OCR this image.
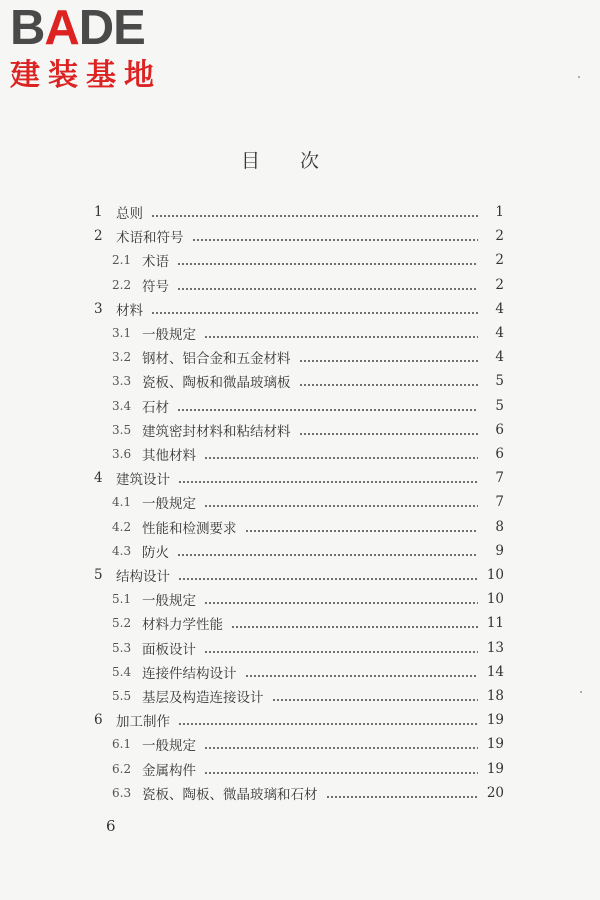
BADE
建装基地
目次
1 总则	1
2 术语和符号	2
2.1 术语	2
2.2 符号	2
3 材料	4
3.1 一般规定	4
3.2 钢材、铝合金和五金材料	4
3.3 瓷板、陶板和微晶玻璃板	5
3.4 石材	5
3.5 建筑密封材料和粘结材料	6
3.6 其他材料	6
4 建筑设计	7
4.1 一般规定	7
4.2 性能和检测要求	8
4.3 防火	9
5 结构设计	10
5.1 一般规定	10
5.2 材料力学性能	11
5.3 面板设计	13
5.4 连接件结构设计	14
5.5 基层及构造连接设计	18
6 加工制作	19
6.1 一般规定	19
6.2 金属构件	19
6.3 瓷板、陶板、微晶玻璃和石材	20
6
